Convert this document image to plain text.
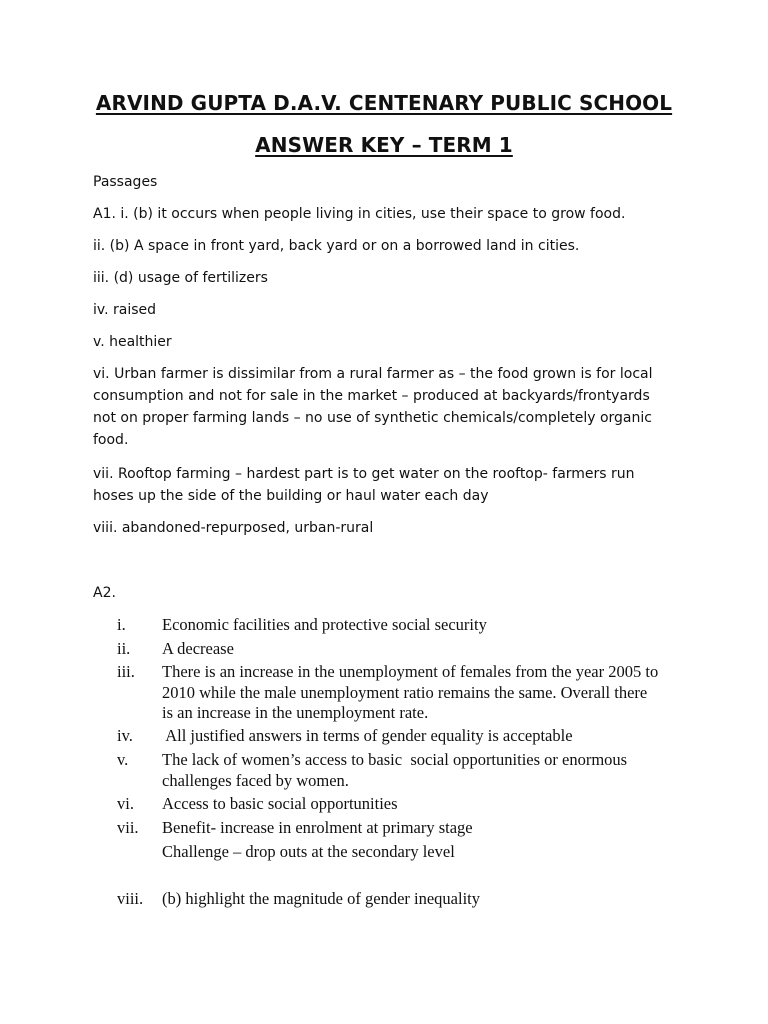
ARVIND GUPTA D.A.V. CENTENARY PUBLIC SCHOOL
ANSWER KEY – TERM 1
Passages
A1. i. (b) it occurs when people living in cities, use their space to grow food.
ii. (b) A space in front yard, back yard or on a borrowed land in cities.
iii. (d) usage of fertilizers
iv. raised
v. healthier
vi. Urban farmer is dissimilar from a rural farmer as – the food grown is for local consumption and not for sale in the market – produced at backyards/frontyards not on proper farming lands – no use of synthetic chemicals/completely organic food.
vii. Rooftop farming – hardest part is to get water on the rooftop- farmers run hoses up the side of the building or haul water each day
viii. abandoned-repurposed, urban-rural
A2.
i. Economic facilities and protective social security
ii. A decrease
iii. There is an increase in the unemployment of females from the year 2005 to 2010 while the male unemployment ratio remains the same. Overall there is an increase in the unemployment rate.
iv. All justified answers in terms of gender equality is acceptable
v. The lack of women’s access to basic  social opportunities or enormous challenges faced by women.
vi. Access to basic social opportunities
vii. Benefit- increase in enrolment at primary stage
Challenge – drop outs at the secondary level
viii. (b) highlight the magnitude of gender inequality
